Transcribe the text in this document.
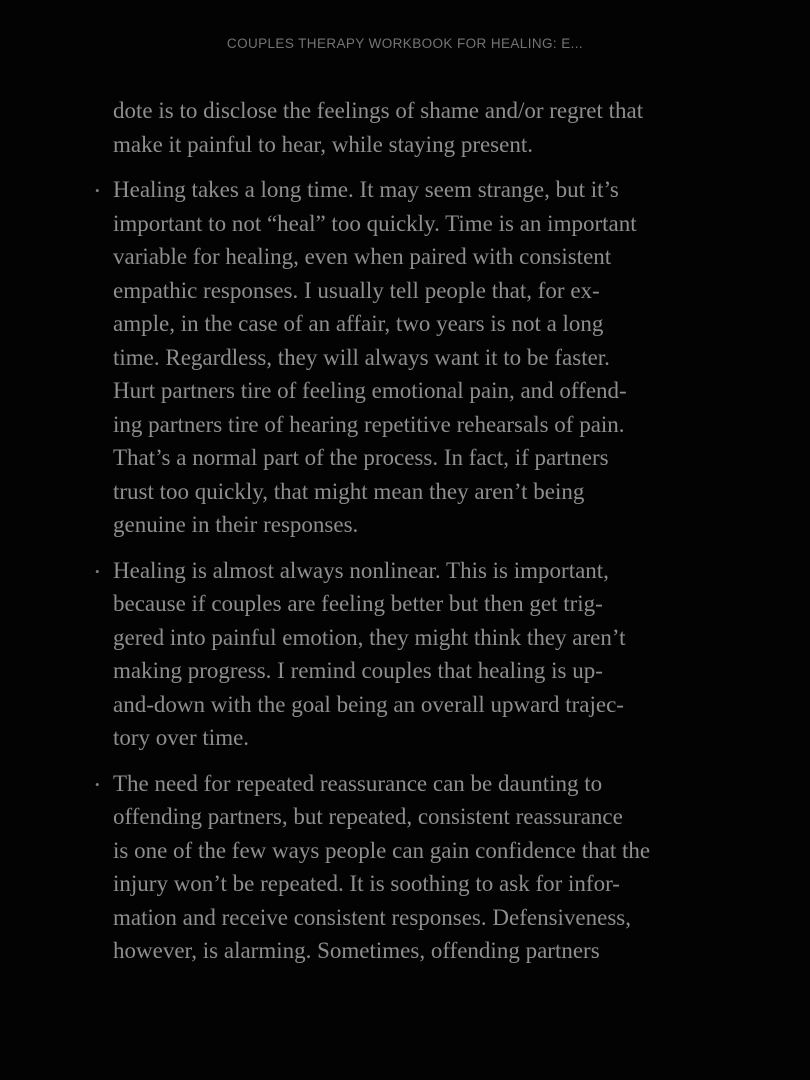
COUPLES THERAPY WORKBOOK FOR HEALING: E...

dote is to disclose the feelings of shame and/or regret that
make it painful to hear, while staying present.

• Healing takes a long time. It may seem strange, but it’s
important to not “heal” too quickly. Time is an important
variable for healing, even when paired with consistent
empathic responses. I usually tell people that, for ex-
ample, in the case of an affair, two years is not a long
time. Regardless, they will always want it to be faster.
Hurt partners tire of feeling emotional pain, and offend-
ing partners tire of hearing repetitive rehearsals of pain.
That’s a normal part of the process. In fact, if partners
trust too quickly, that might mean they aren’t being
genuine in their responses.
• Healing is almost always nonlinear. This is important,
because if couples are feeling better but then get trig-
gered into painful emotion, they might think they aren’t
making progress. I remind couples that healing is up-
and-down with the goal being an overall upward trajec-
tory over time.
• The need for repeated reassurance can be daunting to
offending partners, but repeated, consistent reassurance
is one of the few ways people can gain confidence that the
injury won’t be repeated. It is soothing to ask for infor-
mation and receive consistent responses. Defensiveness,
however, is alarming. Sometimes, offending partners
